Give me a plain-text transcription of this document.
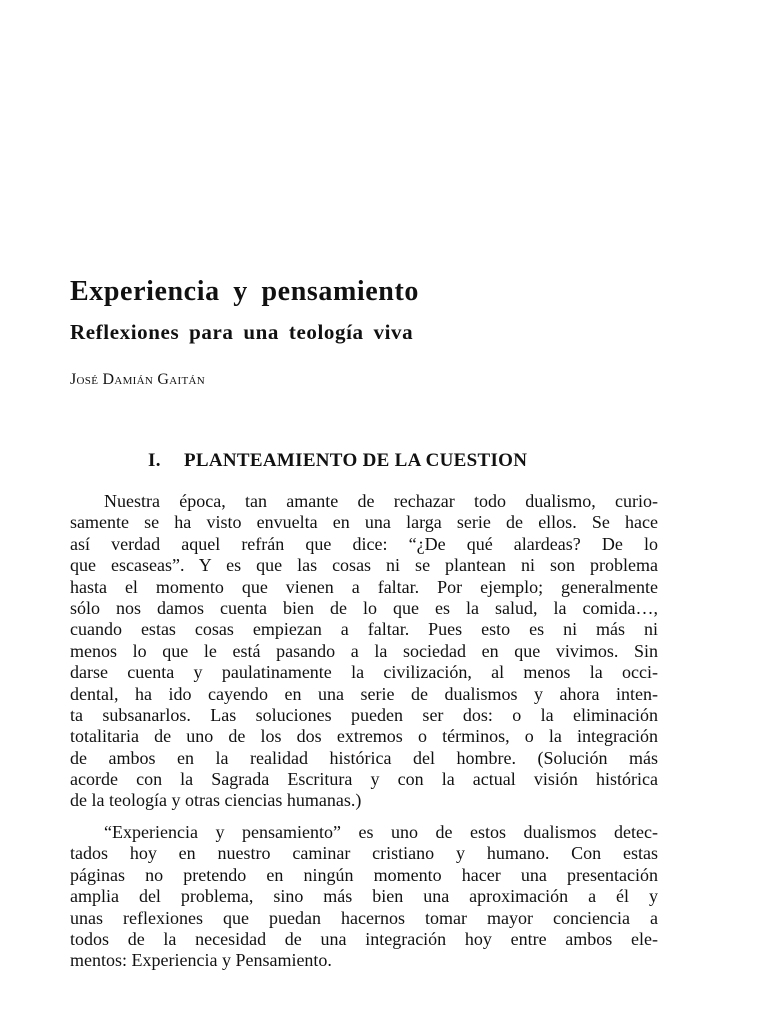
Experiencia y pensamiento
Reflexiones para una teología viva

José Damián Gaitán

I. PLANTEAMIENTO DE LA CUESTION
Nuestra época, tan amante de rechazar todo dualismo, curio-
samente se ha visto envuelta en una larga serie de ellos. Se hace
así verdad aquel refrán que dice: “¿De qué alardeas? De lo
que escaseas”. Y es que las cosas ni se plantean ni son problema
hasta el momento que vienen a faltar. Por ejemplo; generalmente
sólo nos damos cuenta bien de lo que es la salud, la comida…,
cuando estas cosas empiezan a faltar. Pues esto es ni más ni
menos lo que le está pasando a la sociedad en que vivimos. Sin
darse cuenta y paulatinamente la civilización, al menos la occi-
dental, ha ido cayendo en una serie de dualismos y ahora inten-
ta subsanarlos. Las soluciones pueden ser dos: o la eliminación
totalitaria de uno de los dos extremos o términos, o la integración
de ambos en la realidad histórica del hombre. (Solución más
acorde con la Sagrada Escritura y con la actual visión histórica
de la teología y otras ciencias humanas.)
“Experiencia y pensamiento” es uno de estos dualismos detec-
tados hoy en nuestro caminar cristiano y humano. Con estas
páginas no pretendo en ningún momento hacer una presentación
amplia del problema, sino más bien una aproximación a él y
unas reflexiones que puedan hacernos tomar mayor conciencia a
todos de la necesidad de una integración hoy entre ambos ele-
mentos: Experiencia y Pensamiento.
